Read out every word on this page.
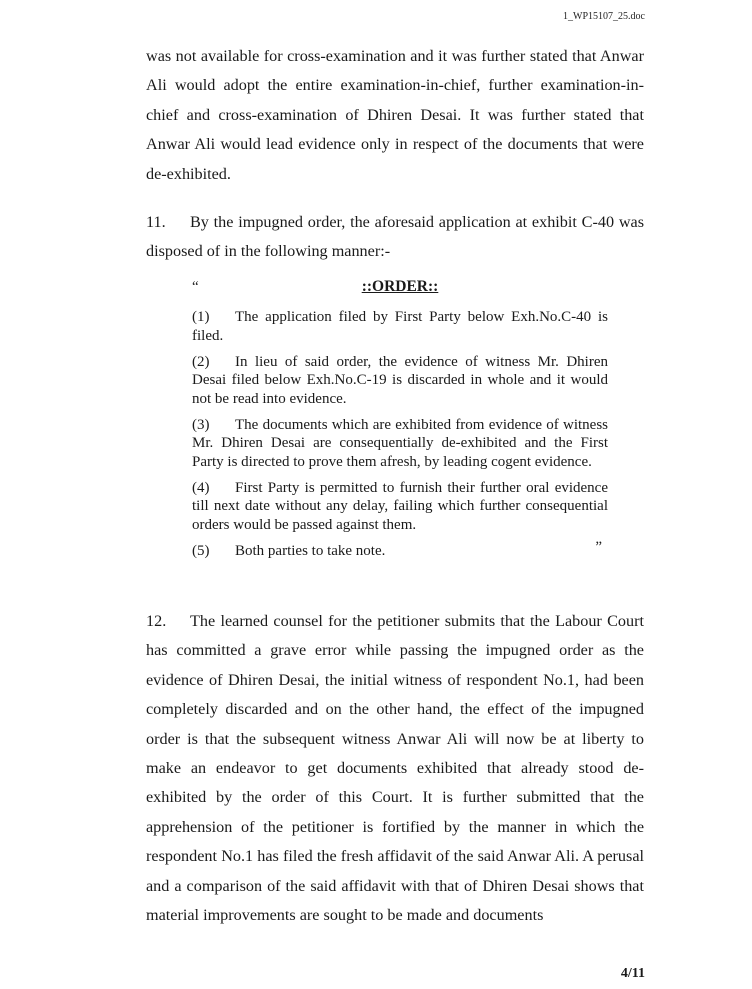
1_WP15107_25.doc

was not available for cross-examination and it was further stated that Anwar Ali would adopt the entire examination-in-chief, further examination-in-chief and cross-examination of Dhiren Desai. It was further stated that Anwar Ali would lead evidence only in respect of the documents that were de-exhibited.

11. By the impugned order, the aforesaid application at exhibit C-40 was disposed of in the following manner:-

“	::ORDER::

(1) The application filed by First Party below Exh.No.C-40 is filed.

(2) In lieu of said order, the evidence of witness Mr. Dhiren Desai filed below Exh.No.C-19 is discarded in whole and it would not be read into evidence.

(3) The documents which are exhibited from evidence of witness Mr. Dhiren Desai are consequentially de-exhibited and the First Party is directed to prove them afresh, by leading cogent evidence.

(4) First Party is permitted to furnish their further oral evidence till next date without any delay, failing which further consequential orders would be passed against them.

(5) Both parties to take note.	”

12. The learned counsel for the petitioner submits that the Labour Court has committed a grave error while passing the impugned order as the evidence of Dhiren Desai, the initial witness of respondent No.1, had been completely discarded and on the other hand, the effect of the impugned order is that the subsequent witness Anwar Ali will now be at liberty to make an endeavor to get documents exhibited that already stood de-exhibited by the order of this Court. It is further submitted that the apprehension of the petitioner is fortified by the manner in which the respondent No.1 has filed the fresh affidavit of the said Anwar Ali. A perusal and a comparison of the said affidavit with that of Dhiren Desai shows that material improvements are sought to be made and documents

4/11
